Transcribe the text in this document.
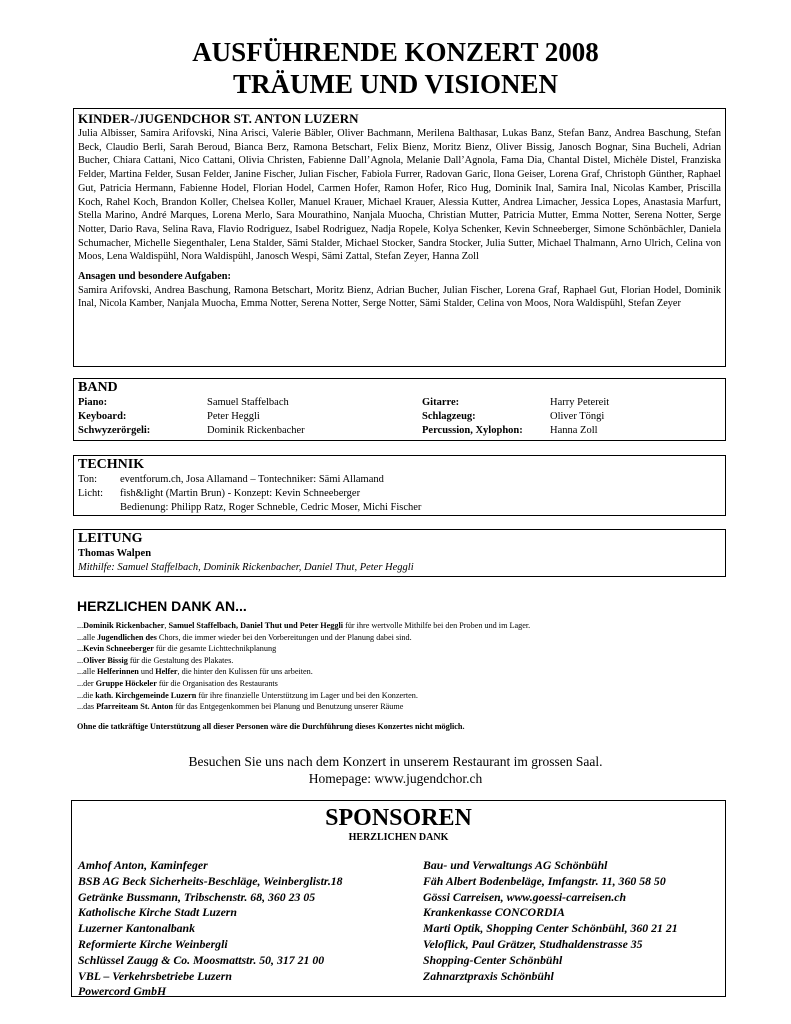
AUSFÜHRENDE KONZERT 2008
TRÄUME UND VISIONEN
KINDER-/JUGENDCHOR ST. ANTON LUZERN

Julia Albisser, Samira Arifovski, Nina Arisci, Valerie Bäbler, Oliver Bachmann, Merilena Balthasar, Lukas Banz, Stefan Banz, Andrea Baschung, Stefan Beck, Claudio Berli, Sarah Beroud, Bianca Berz, Ramona Betschart, Felix Bienz, Moritz Bienz, Oliver Bissig, Janosch Bognar, Sina Bucheli, Adrian Bucher, Chiara Cattani, Nico Cattani, Olivia Christen, Fabienne Dall’Agnola, Melanie Dall’Agnola, Fama Dia, Chantal Distel, Michèle Distel, Franziska Felder, Martina Felder, Susan Felder, Janine Fischer, Julian Fischer, Fabiola Furrer, Radovan Garic, Ilona Geiser, Lorena Graf, Christoph Günther, Raphael Gut, Patricia Hermann, Fabienne Hodel, Florian Hodel, Carmen Hofer, Ramon Hofer, Rico Hug, Dominik Inal, Samira Inal, Nicolas Kamber, Priscilla Koch, Rahel Koch, Brandon Koller, Chelsea Koller, Manuel Krauer, Michael Krauer, Alessia Kutter, Andrea Limacher, Jessica Lopes, Anastasia Marfurt, Stella Marino, André Marques, Lorena Merlo, Sara Mourathino, Nanjala Muocha, Christian Mutter, Patricia Mutter, Emma Notter, Serena Notter, Serge Notter, Dario Rava, Selina Rava, Flavio Rodriguez, Isabel Rodriguez, Nadja Ropele, Kolya Schenker, Kevin Schneeberger, Simone Schönbächler, Daniela Schumacher, Michelle Siegenthaler, Lena Stalder, Sämi Stalder, Michael Stocker, Sandra Stocker, Julia Sutter, Michael Thalmann, Arno Ulrich, Celina von Moos, Lena Waldispühl, Nora Waldispühl, Janosch Wespi, Sämi Zattal, Stefan Zeyer, Hanna Zoll

Ansagen und besondere Aufgaben:

Samira Arifovski, Andrea Baschung, Ramona Betschart, Moritz Bienz, Adrian Bucher, Julian Fischer, Lorena Graf, Raphael Gut, Florian Hodel, Dominik Inal, Nicola Kamber, Nanjala Muocha, Emma Notter, Serena Notter, Serge Notter, Sämi Stalder, Celina von Moos, Nora Waldispühl, Stefan Zeyer

BAND
Piano:	Samuel Staffelbach	Gitarre:	Harry Petereit
Keyboard:	Peter Heggli	Schlagzeug:	Oliver Töngi
Schwyzerörgeli:	Dominik Rickenbacher	Percussion, Xylophon:	Hanna Zoll
TECHNIK
Ton: eventforum.ch, Josa Allamand – Tontechniker: Sämi Allamand
Licht: fish&light (Martin Brun) - Konzept: Kevin Schneeberger
Bedienung: Philipp Ratz, Roger Schneble, Cedric Moser, Michi Fischer
LEITUNG
Thomas Walpen
Mithilfe: Samuel Staffelbach, Dominik Rickenbacher, Daniel Thut, Peter Heggli
HERZLICHEN DANK AN...
...Dominik Rickenbacher, Samuel Staffelbach, Daniel Thut und Peter Heggli für ihre wertvolle Mithilfe bei den Proben und im Lager.
...alle Jugendlichen des Chors, die immer wieder bei den Vorbereitungen und der Planung dabei sind.
...Kevin Schneeberger für die gesamte Lichttechnikplanung
...Oliver Bissig für die Gestaltung des Plakates.
...alle Helferinnen und Helfer, die hinter den Kulissen für uns arbeiten.
...der Gruppe Höckeler für die Organisation des Restaurants
...die kath. Kirchgemeinde Luzern für ihre finanzielle Unterstützung im Lager und bei den Konzerten.
...das Pfarreiteam St. Anton für das Entgegenkommen bei Planung und Benutzung unserer Räume
Ohne die tatkräftige Unterstützung all dieser Personen wäre die Durchführung dieses Konzertes nicht möglich.
Besuchen Sie uns nach dem Konzert in unserem Restaurant im grossen Saal.
Homepage: www.jugendchor.ch
SPONSOREN
HERZLICHEN DANK
Amhof Anton, Kaminfeger
BSB AG Beck Sicherheits-Beschläge, Weinberglistr.18
Getränke Bussmann, Tribschenstr. 68, 360 23 05
Katholische Kirche Stadt Luzern
Luzerner Kantonalbank
Reformierte Kirche Weinbergli
Schlüssel Zaugg & Co. Moosmattstr. 50, 317 21 00
VBL – Verkehrsbetriebe Luzern
Powercord GmbH
Bau- und Verwaltungs AG Schönbühl
Fäh Albert Bodenbeläge, Imfangstr. 11, 360 58 50
Gössi Carreisen, www.goessi-carreisen.ch
Krankenkasse CONCORDIA
Marti Optik, Shopping Center Schönbühl, 360 21 21
Veloflick, Paul Grätzer, Studhaldenstrasse 35
Shopping-Center Schönbühl
Zahnarztpraxis Schönbühl
